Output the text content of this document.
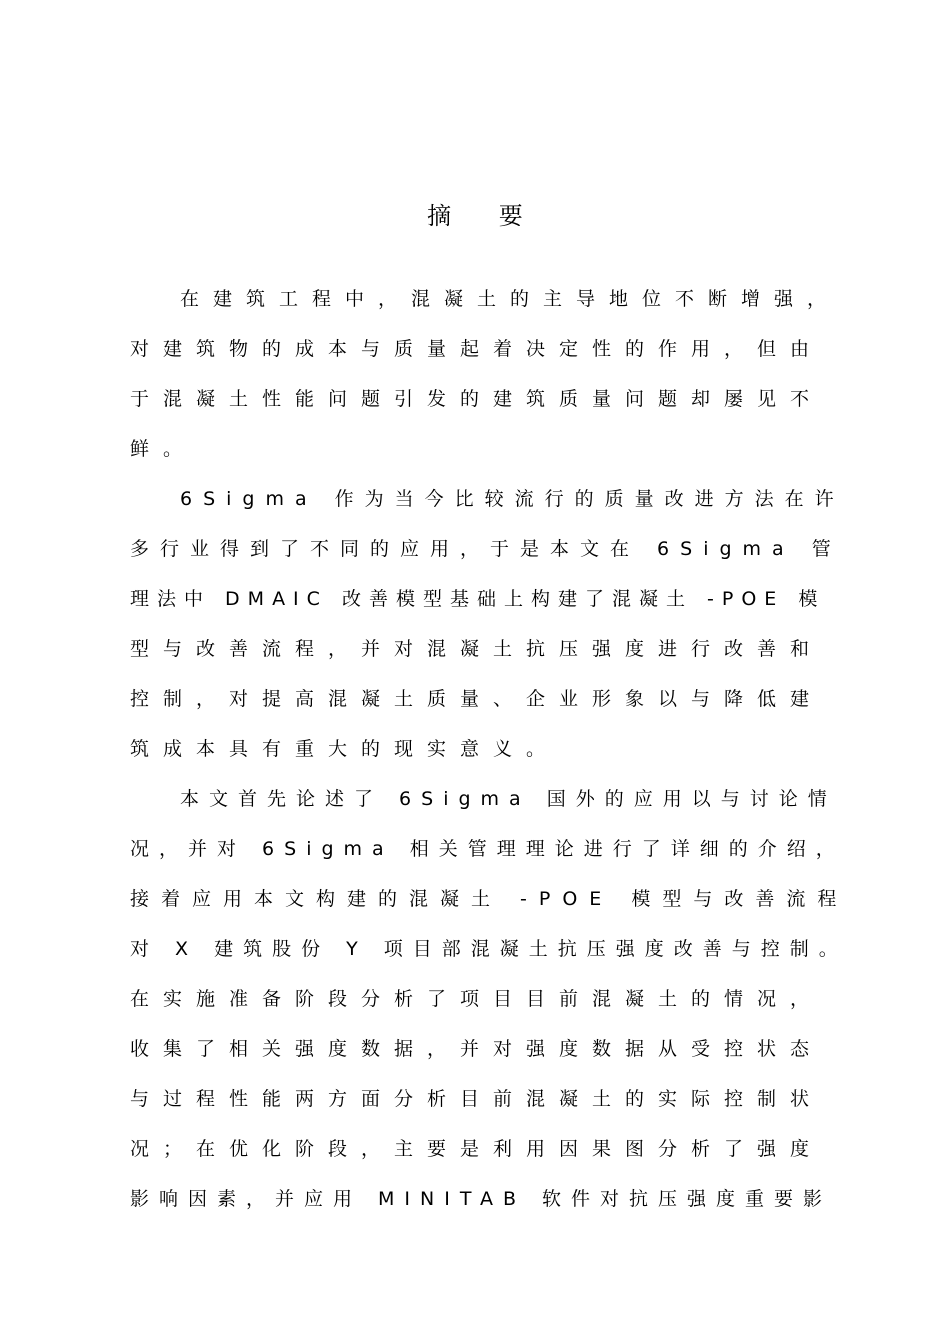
摘 要
在建筑工程中，混凝土的主导地位不断增强，
对建筑物的成本与质量起着决定性的作用，但由
于混凝土性能问题引发的建筑质量问题却屡见不
鲜。
6Sigma 作为当今比较流行的质量改进方法在许
多行业得到了不同的应用，于是本文在 6Sigma 管
理法中 DMAIC 改善模型基础上构建了混凝土 -POE 模
型与改善流程，并对混凝土抗压强度进行改善和
控制，对提高混凝土质量、企业形象以与降低建
筑成本具有重大的现实意义。
本文首先论述了 6Sigma 国外的应用以与讨论情
况，并对 6Sigma 相关管理理论进行了详细的介绍，
接着应用本文构建的混凝土 -POE 模型与改善流程
对 X 建筑股份 Y 项目部混凝土抗压强度改善与控制。
在实施准备阶段分析了项目目前混凝土的情况，
收集了相关强度数据，并对强度数据从受控状态
与过程性能两方面分析目前混凝土的实际控制状
况；在优化阶段，主要是利用因果图分析了强度
影响因素，并应用 MINITAB 软件对抗压强度重要影
